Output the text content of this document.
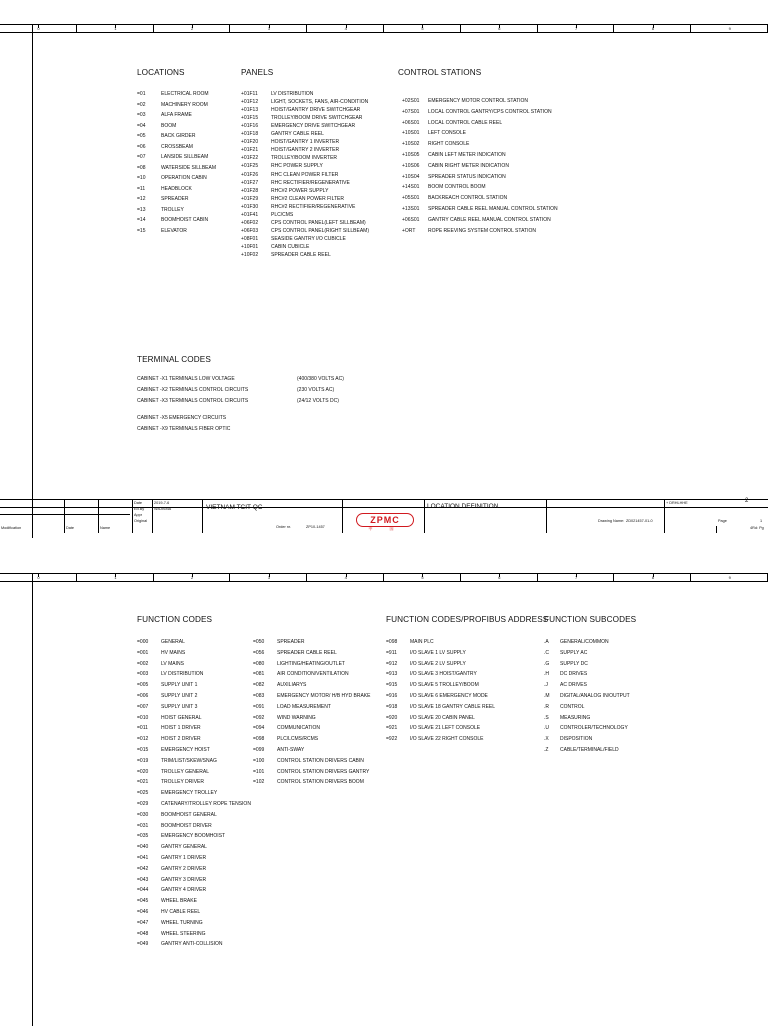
0	1	2	3	4	5	6	7	8	9
LOCATIONS	PANELS	CONTROL STATIONS
=01	ELECTRICAL ROOM
=02	MACHINERY ROOM
=03	ALFA FRAME
=04	BOOM
=05	BACK GIRDER
=06	CROSSBEAM
=07	LANSIDE SILLBEAM
=08	WATERSIDE SILLBEAM
=10	OPERATION CABIN
=11	HEADBLOCK
=12	SPREADER
=13	TROLLEY
=14	BOOMHOIST CABIN
=15	ELEVATOR
+01F11	LV DISTRIBUTION
+01F12	LIGHT, SOCKETS, FANS, AIR-CONDITION
+01F13	HOIST/GANTRY DRIVE SWITCHGEAR
+01F15	TROLLEY/BOOM DRIVE SWITCHGEAR
+01F16	EMERGENCY DRIVE SWITCHGEAR
+01F18	GANTRY CABLE REEL
+01F20	HOIST/GANTRY 1 INVERTER
+01F21	HOIST/GANTRY 2 INVERTER
+01F22	TROLLEY/BOOM INVERTER
+01F25	RHC POWER SUPPLY
+01F26	RHC CLEAN POWER FILTER
+01F27	RHC RECTIFIER/REGENERATIVE
+01F28	RHC#2 POWER SUPPLY
+01F29	RHC#2 CLEAN POWER FILTER
+01F30	RHC#2 RECTIFIER/REGENERATIVE
+01F41	PLC/CMS
+06F02	CPS CONTROL PANEL(LEFT SILLBEAM)
+06F03	CPS CONTROL PANEL(RIGHT SILLBEAM)
+08F01	SEASIDE GANTRY I/O CUBICLE
+10F01	CABIN CUBICLE
+10F02	SPREADER CABLE REEL
+02S01 EMERGENCY MOTOR CONTROL STATION
+07S01 LOCAL CONTROL GANTRY/CPS CONTROL STATION
+06S01 LOCAL CONTROL CABLE REEL
+10S01 LEFT CONSOLE
+10S02 RIGHT CONSOLE
+10S05 CABIN LEFT METER INDICATION
+10S06 CABIN RIGHT METER INDICATION
+10S04 SPREADER STATUS INDICATION
+14S01 BOOM CONTROL BOOM
+05S01 BACKREACH CONTROL STATION
+13S01 SPREADER CABLE REEL MANUAL CONTROL STATION
+06S01 GANTRY CABLE REEL MANUAL CONTROL STATION
+ORT	ROPE REEVING SYSTEM CONTROL STATION
TERMINAL CODES
CABINET -X1TERMINALS LOW VOLTAGE	(400/380 VOLTS AC)
CABINET -X2TERMINALS CONTROL CIRCUITS	(230 VOLTS AC)
CABINET -X3TERMINALS CONTROL CIRCUITS	(24/12 VOLTS DC)
CABINET -X5EMERGENCY CIRCUITS
CABINET -X9TERMINALS FIBER OPTIC
2
Date	2019-7-6
Ed.By	WAJISMA
Appr
Original
VIETNAM TCIT QC
Order nr.	ZP10-1457
ZPMC
中 国
LOCATION DEFINITION	+ DRHLHHE
Drawing Name: ZD021457-01-0	Page	1
4Rd: Pg
Modification	Date	Name
0	1	2	3	4	5	6	7	8	9
FUNCTION CODES	FUNCTION CODES/PROFIBUS ADDRESS
FUNCTION SUBCODES
=000	GENERAL
=001	HV MAINS
=002	LV MAINS
=003	LV DISTRIBUTION
=005	SUPPLY UNIT 1
=006	SUPPLY UNIT 2
=007	SUPPLY UNIT 3
=010	HOIST GENERAL
=011	HOIST 1 DRIVER
=012	HOIST 2 DRIVER
=015	EMERGENCY HOIST
=019	TRIM/LIST/SKEW/SNAG
=020	TROLLEY GENERAL
=021	TROLLEY DRIVER
=025	EMERGENCY TROLLEY
=029	CATENARY/TROLLEY ROPE TENSION
=030	BOOMHOIST GENERAL
=031	BOOMHOIST DRIVER
=035	EMERGENCY BOOMHOIST
=040	GANTRY GENERAL
=041	GANTRY 1 DRIVER
=042	GANTRY 2 DRIVER
=043	GANTRY 3 DRIVER
=044	GANTRY 4 DRIVER
=045	WHEEL BRAKE
=046	HV CABLE REEL
=047	WHEEL TURNING
=048	WHEEL STEERING
=049	GANTRY ANTI-COLLISION
=050	SPREADER
=056	SPREADER CABLE REEL
=080	LIGHTING/HEATING/OUTLET
=081	AIR CONDITION/VENTILATION
=082	AUXILIARYS
=083	EMERGENCY MOTOR/ H/B HYD BRAKE
=091	LOAD MEASUREMENT
=092	WIND WARNING
=094	COMMUNICATION
=098	PLC/LCMS/RCMS
=099	ANTI-SWAY
=100	CONTROL STATION DRIVERS CABIN
=101	CONTROL STATION DRIVERS GANTRY
=102	CONTROL STATION DRIVERS BOOM
=098	MAIN PLC
=911	I/O SLAVE 1 LV SUPPLY
=912	I/O SLAVE 2 LV SUPPLY
=913	I/O SLAVE 3 HOIST/GANTRY
=915	I/O SLAVE 5 TROLLEY/BOOM
=916	I/O SLAVE 6 EMERGENCY MODE
=918	I/O SLAVE 18 GANTRY CABLE REEL
=920	I/O SLAVE 20 CABIN PANEL
=921	I/O SLAVE 21 LEFT CONSOLE
=922	I/O SLAVE 22 RIGHT CONSOLE
.A GENERAL/COMMON
.C SUPPLY AC
.G SUPPLY DC
.H DC DRIVES
.J AC DRIVES
.M DIGITAL/ANALOG IN/OUTPUT
.R CONTROL
.S MEASURING
.U CONTROLER/TECHNOLOGY
.X DISPOSITION
.Z CABLE/TERMINAL/FIELD
